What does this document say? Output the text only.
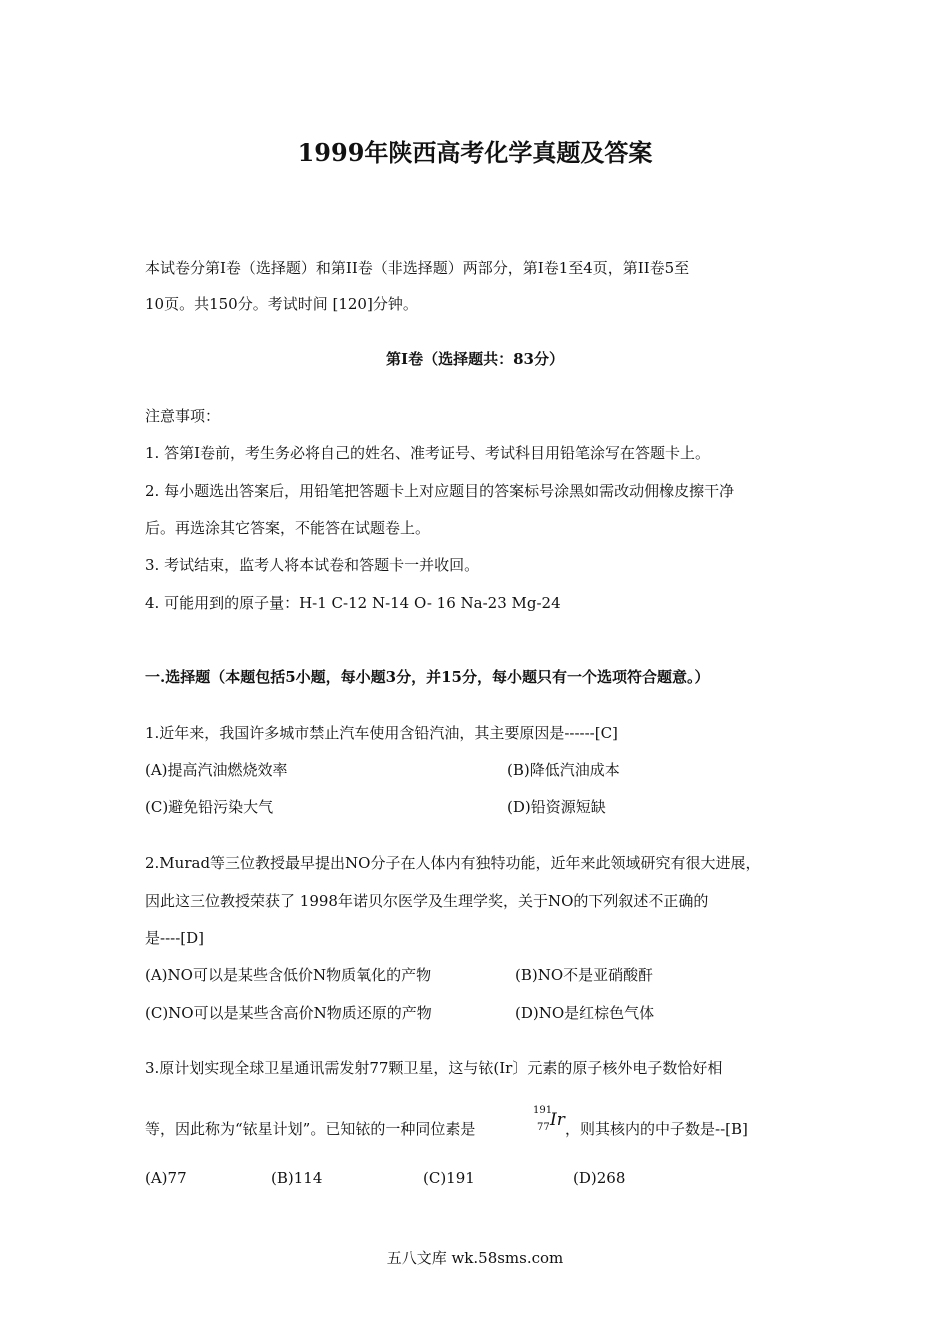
1999年陕西高考化学真题及答案
本试卷分第Ⅰ卷（选择题）和第II卷（非选择题）两部分，第Ⅰ卷1至4页，第II卷5至
10页。共150分。考试时间 [120]分钟。
第Ⅰ卷（选择题共：83分）
注意事项：
1. 答第Ⅰ卷前，考生务必将自己的姓名、准考证号、考试科目用铅笔涂写在答题卡上。
2. 每小题选出答案后，用铅笔把答题卡上对应题目的答案标号涂黑如需改动佣橡皮擦干净
后。再选涂其它答案，不能答在试题卷上。
3. 考试结束，监考人将本试卷和答题卡一并收回。
4. 可能用到的原子量：H-1 C-12 N-14 O- 16 Na-23 Mg-24
一.选择题（本题包括5小题，每小题3分，并15分，每小题只有一个选项符合题意。）
1.近年来，我国许多城市禁止汽车使用含铅汽油，其主要原因是------[C]
(A)提高汽油燃烧效率	(B)降低汽油成本
(C)避免铅污染大气	(D)铅资源短缺
2.Murad等三位教授最早提出NO分子在人体内有独特功能，近年来此领域研究有很大进展，
因此这三位教授荣获了 1998年诺贝尔医学及生理学奖，关于NO的下列叙述不正确的
是----[D]
(A)NO可以是某些含低价N物质氧化的产物	(B)NO不是亚硝酸酐
(C)NO可以是某些含高价N物质还原的产物	(D)NO是红棕色气体
3.原计划实现全球卫星通讯需发射77颗卫星，这与铱(Ir〕元素的原子核外电子数恰好相
等，因此称为“铱星计划”。已知铱的一种同位素是
191
77 Ir ，则其核内的中子数是--[B]
(A)77	(B)114	(C)191	(D)268
五八文库 wk.58sms.com
